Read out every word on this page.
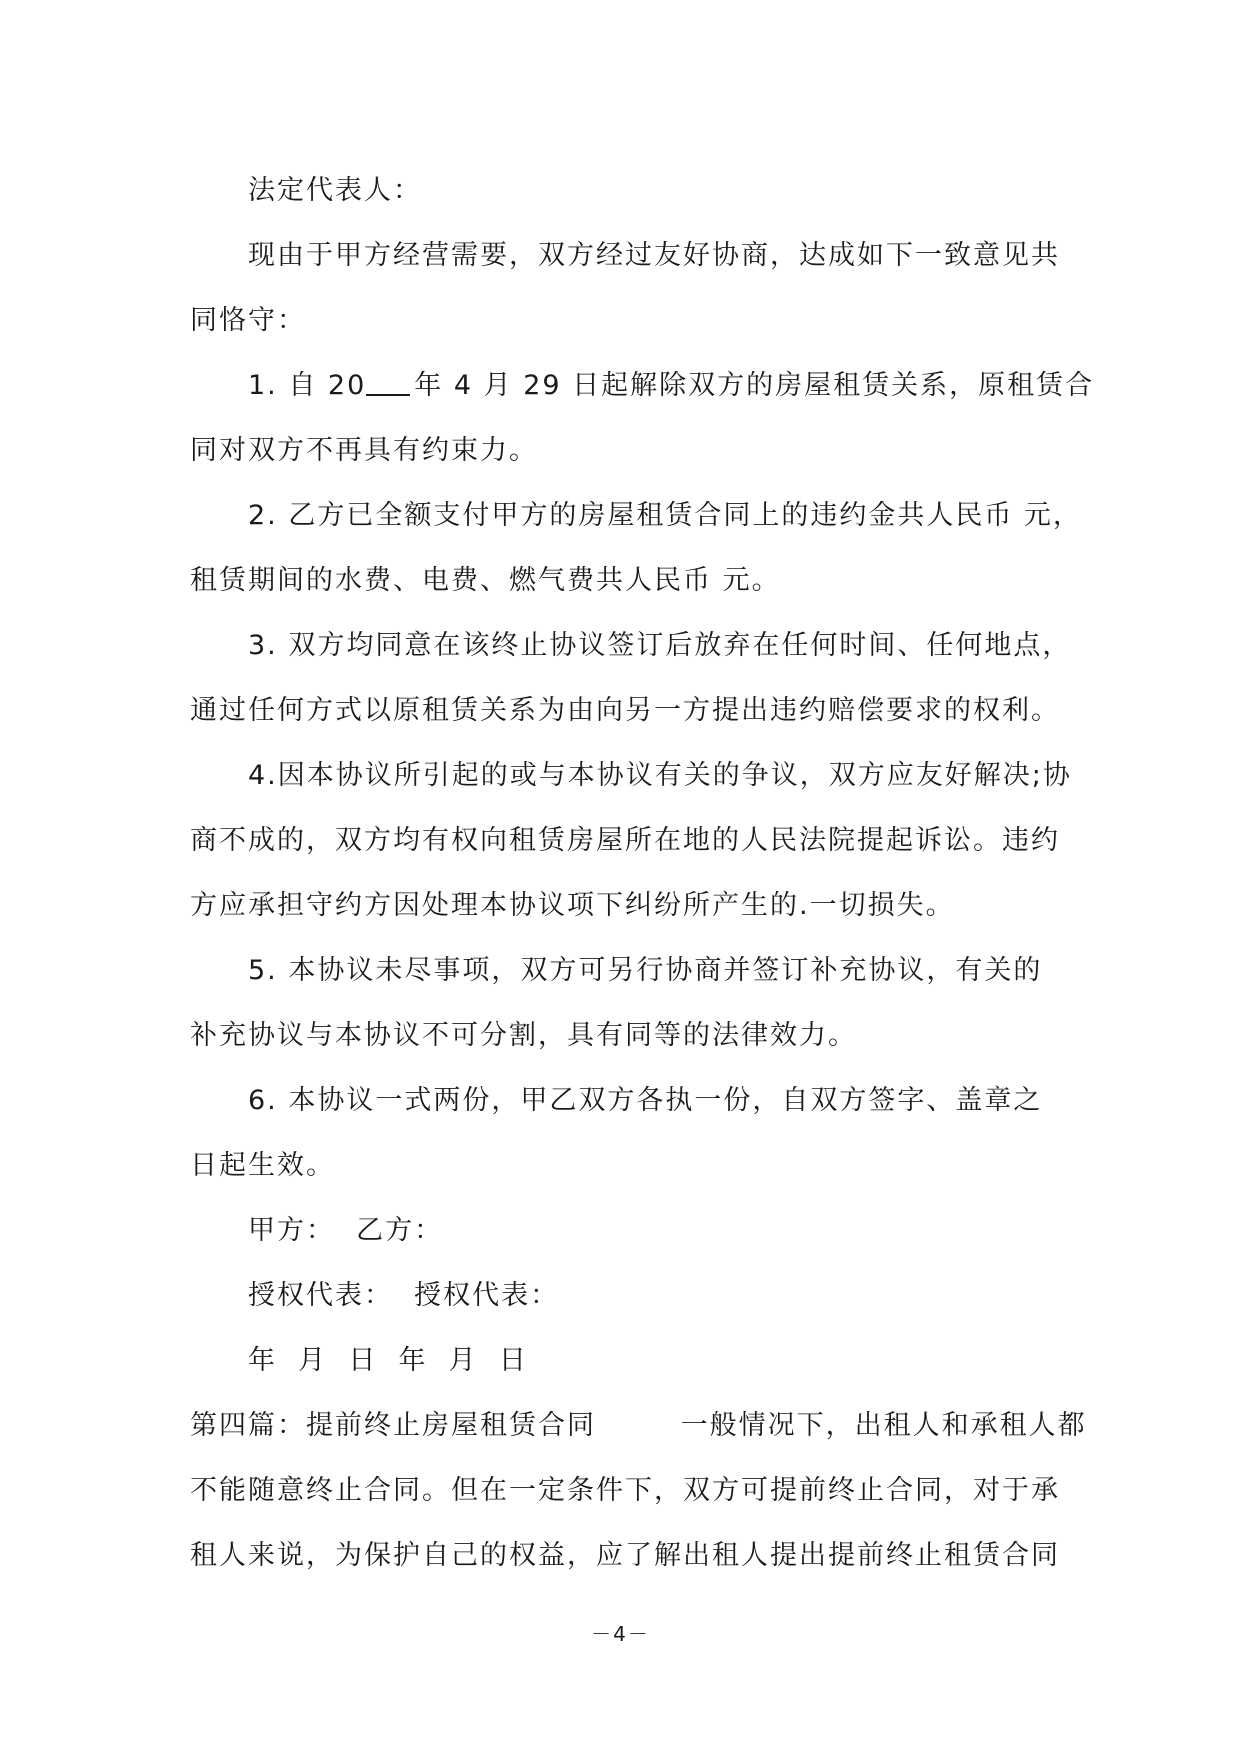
法定代表人：

现由于甲方经营需要，双方经过友好协商，达成如下一致意见共
同恪守：

1. 自 20 年 4 月 29 日起解除双方的房屋租赁关系，原租赁合
同对双方不再具有约束力。

2. 乙方已全额支付甲方的房屋租赁合同上的违约金共人民币 元，
租赁期间的水费、电费、燃气费共人民币 元。

3. 双方均同意在该终止协议签订后放弃在任何时间、任何地点，
通过任何方式以原租赁关系为由向另一方提出违约赔偿要求的权利。

4.因本协议所引起的或与本协议有关的争议，双方应友好解决;协
商不成的，双方均有权向租赁房屋所在地的人民法院提起诉讼。违约
方应承担守约方因处理本协议项下纠纷所产生的.一切损失。

5. 本协议未尽事项，双方可另行协商并签订补充协议，有关的
补充协议与本协议不可分割，具有同等的法律效力。

6. 本协议一式两份，甲乙双方各执一份，自双方签字、盖章之
日起生效。

甲方：  乙方：

授权代表：  授权代表：

年  月  日  年  月  日

第四篇：提前终止房屋租赁合同        一般情况下，出租人和承租人都
不能随意终止合同。但在一定条件下，双方可提前终止合同，对于承
租人来说，为保护自己的权益，应了解出租人提出提前终止租赁合同

－4－
